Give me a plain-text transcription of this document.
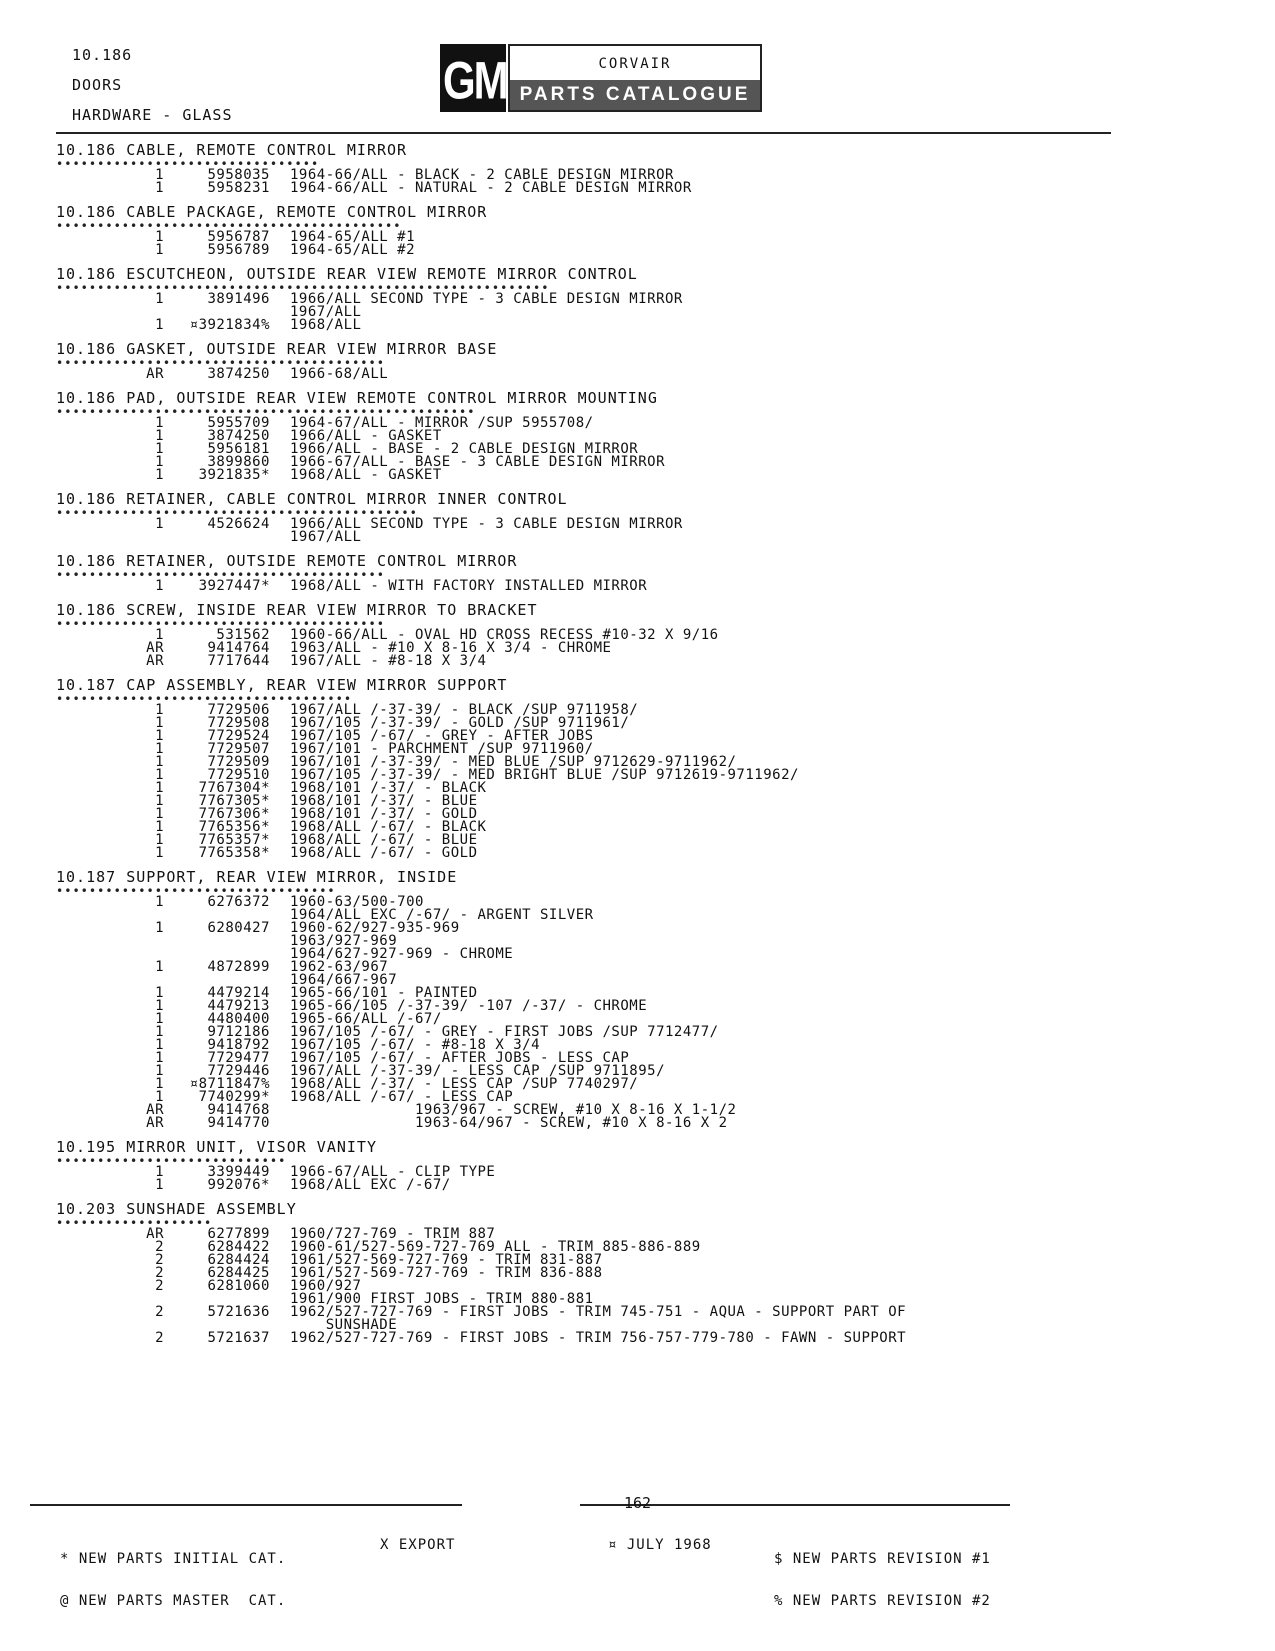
10.186
DOORS
HARDWARE - GLASS
GM	CORVAIR
PARTS CATALOGUE
10.186 CABLE, REMOTE CONTROL MIRROR
••••••••••••••••••••••••••••••••
1	5958035	1964-66/ALL - BLACK - 2 CABLE DESIGN MIRROR
1	5958231	1964-66/ALL - NATURAL - 2 CABLE DESIGN MIRROR
10.186 CABLE PACKAGE, REMOTE CONTROL MIRROR
••••••••••••••••••••••••••••••••••••••••••
1	5956787	1964-65/ALL #1
1	5956789	1964-65/ALL #2
10.186 ESCUTCHEON, OUTSIDE REAR VIEW REMOTE MIRROR CONTROL
••••••••••••••••••••••••••••••••••••••••••••••••••••••••••••
1	3891496	1966/ALL SECOND TYPE - 3 CABLE DESIGN MIRROR
1967/ALL
1	¤3921834%	1968/ALL
10.186 GASKET, OUTSIDE REAR VIEW MIRROR BASE
••••••••••••••••••••••••••••••••••••••••
AR	3874250	1966-68/ALL
10.186 PAD, OUTSIDE REAR VIEW REMOTE CONTROL MIRROR MOUNTING
•••••••••••••••••••••••••••••••••••••••••••••••••••
1	5955709	1964-67/ALL - MIRROR /SUP 5955708/
1	3874250	1966/ALL - GASKET
1	5956181	1966/ALL - BASE - 2 CABLE DESIGN MIRROR
1	3899860	1966-67/ALL - BASE - 3 CABLE DESIGN MIRROR
1	3921835*	1968/ALL - GASKET
10.186 RETAINER, CABLE CONTROL MIRROR INNER CONTROL
••••••••••••••••••••••••••••••••••••••••••••
1	4526624	1966/ALL SECOND TYPE - 3 CABLE DESIGN MIRROR
1967/ALL
10.186 RETAINER, OUTSIDE REMOTE CONTROL MIRROR
••••••••••••••••••••••••••••••••••••••••
1	3927447*	1968/ALL - WITH FACTORY INSTALLED MIRROR
10.186 SCREW, INSIDE REAR VIEW MIRROR TO BRACKET
••••••••••••••••••••••••••••••••••••••••
1	531562	1960-66/ALL - OVAL HD CROSS RECESS #10-32 X 9/16
AR	9414764	1963/ALL - #10 X 8-16 X 3/4 - CHROME
AR	7717644	1967/ALL - #8-18 X 3/4
10.187 CAP ASSEMBLY, REAR VIEW MIRROR SUPPORT
••••••••••••••••••••••••••••••••••••
1	7729506	1967/ALL /-37-39/ - BLACK /SUP 9711958/
1	7729508	1967/105 /-37-39/ - GOLD /SUP 9711961/
1	7729524	1967/105 /-67/ - GREY - AFTER JOBS
1	7729507	1967/101 - PARCHMENT /SUP 9711960/
1	7729509	1967/101 /-37-39/ - MED BLUE /SUP 9712629-9711962/
1	7729510	1967/105 /-37-39/ - MED BRIGHT BLUE /SUP 9712619-9711962/
1	7767304*	1968/101 /-37/ - BLACK
1	7767305*	1968/101 /-37/ - BLUE
1	7767306*	1968/101 /-37/ - GOLD
1	7765356*	1968/ALL /-67/ - BLACK
1	7765357*	1968/ALL /-67/ - BLUE
1	7765358*	1968/ALL /-67/ - GOLD
10.187 SUPPORT, REAR VIEW MIRROR, INSIDE
••••••••••••••••••••••••••••••••••
1	6276372	1960-63/500-700
1964/ALL EXC /-67/ - ARGENT SILVER
1	6280427	1960-62/927-935-969
1963/927-969
1964/627-927-969 - CHROME
1	4872899	1962-63/967
1964/667-967
1	4479214	1965-66/101 - PAINTED
1	4479213	1965-66/105 /-37-39/ -107 /-37/ - CHROME
1	4480400	1965-66/ALL /-67/
1	9712186	1967/105 /-67/ - GREY - FIRST JOBS /SUP 7712477/
1	9418792	1967/105 /-67/ - #8-18 X 3/4
1	7729477	1967/105 /-67/ - AFTER JOBS - LESS CAP
1	7729446	1967/ALL /-37-39/ - LESS CAP /SUP 9711895/
1	¤8711847%	1968/ALL /-37/ - LESS CAP /SUP 7740297/
1	7740299*	1968/ALL /-67/ - LESS CAP
AR	9414768	1963/967 - SCREW, #10 X 8-16 X 1-1/2
AR	9414770	1963-64/967 - SCREW, #10 X 8-16 X 2
10.195 MIRROR UNIT, VISOR VANITY
••••••••••••••••••••••••••••
1	3399449	1966-67/ALL - CLIP TYPE
1	992076*	1968/ALL EXC /-67/
10.203 SUNSHADE ASSEMBLY
•••••••••••••••••••
AR	6277899	1960/727-769 - TRIM 887
2	6284422	1960-61/527-569-727-769 ALL - TRIM 885-886-889
2	6284424	1961/527-569-727-769 - TRIM 831-887
2	6284425	1961/527-569-727-769 - TRIM 836-888
2	6281060	1960/927
1961/900 FIRST JOBS - TRIM 880-881
2	5721636	1962/527-727-769 - FIRST JOBS - TRIM 745-751 - AQUA - SUPPORT PART OF
SUNSHADE
2	5721637	1962/527-727-769 - FIRST JOBS - TRIM 756-757-779-780 - FAWN - SUPPORT
162

* NEW PARTS INITIAL CAT.

@ NEW PARTS MASTER  CAT.

X EXPORT	¤ JULY 1968

$ NEW PARTS REVISION #1

% NEW PARTS REVISION #2
